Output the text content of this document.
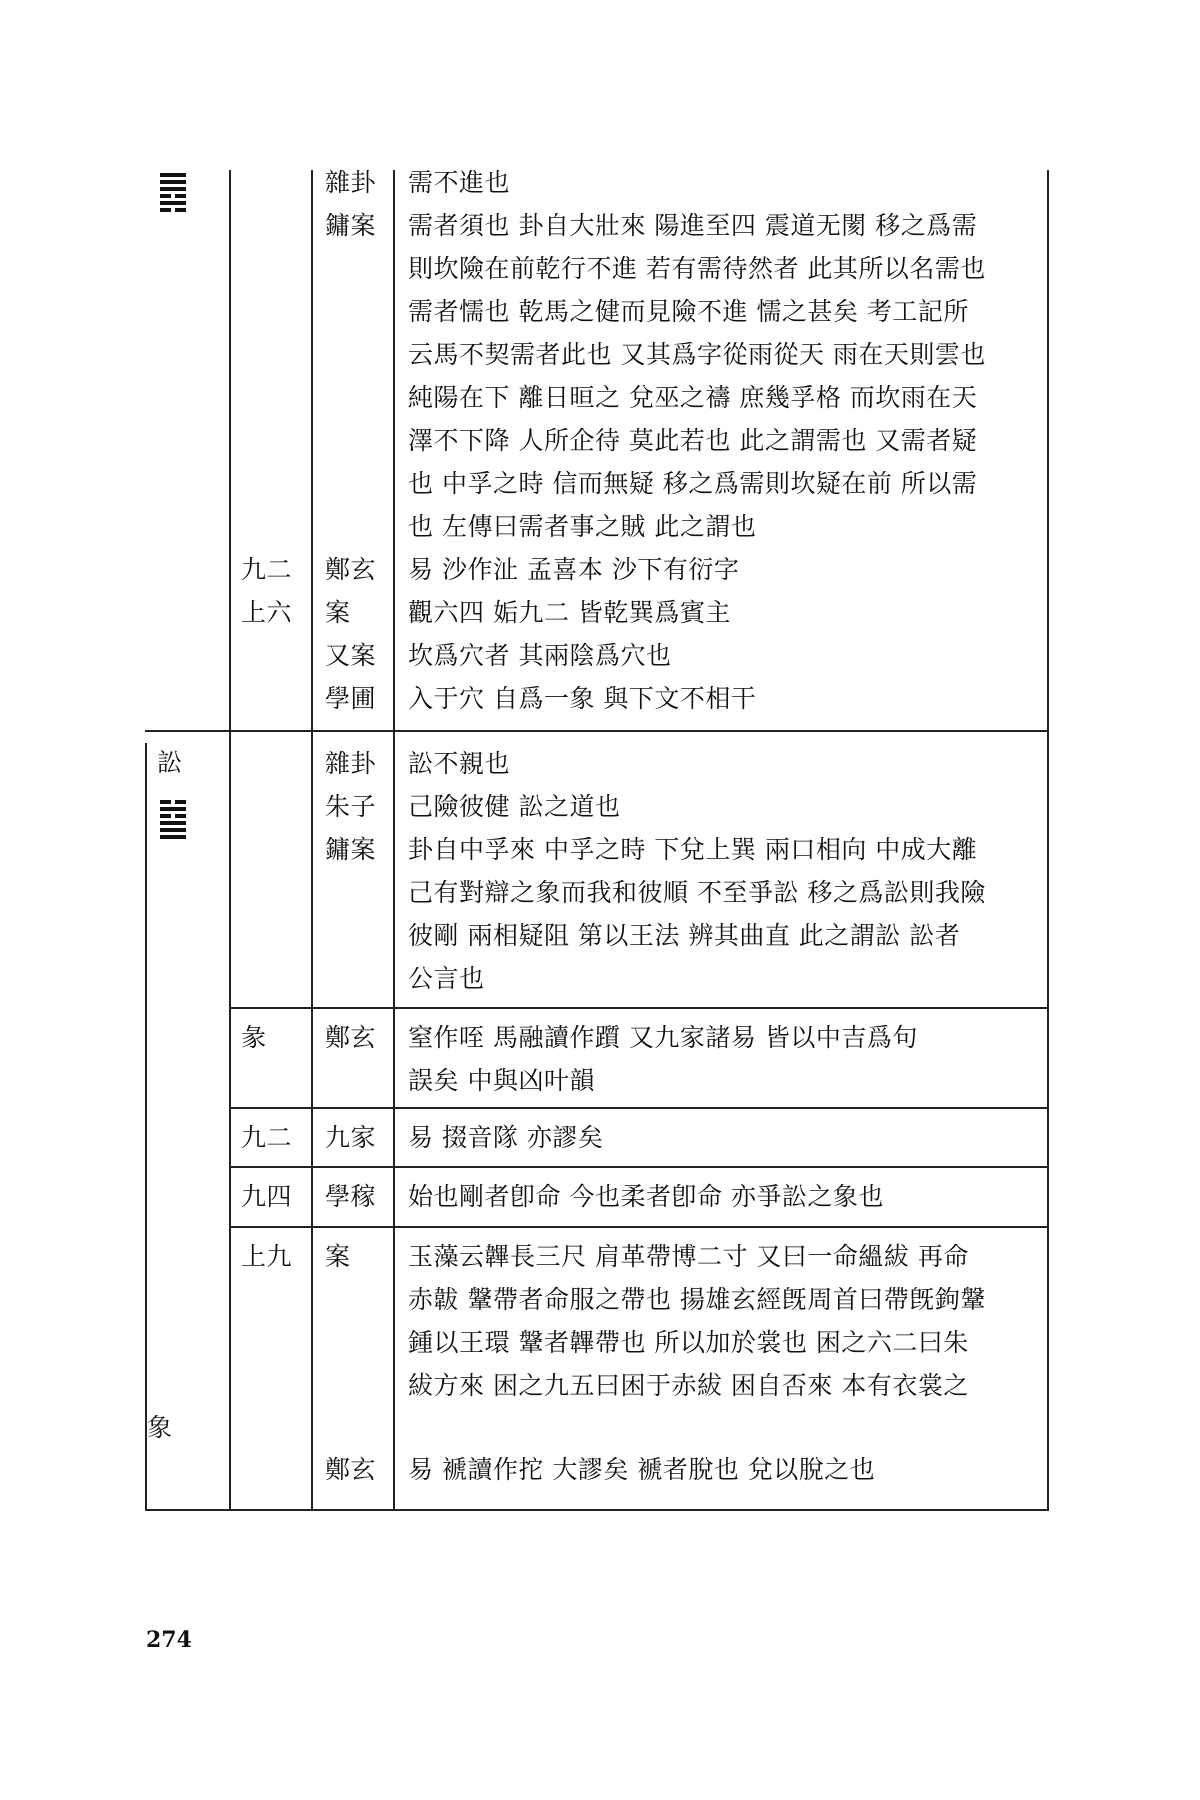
訟
象
雜卦 需不進也
鏞案 需者須也 卦自大壯來 陽進至四 震道无閡 移之爲需
則坎險在前乾行不進 若有需待然者 此其所以名需也
需者懦也 乾馬之健而見險不進 懦之甚矣 考工記所
云馬不契需者此也 又其爲字從雨從天 雨在天則雲也
純陽在下 離日晅之 兌巫之禱 庶幾孚格 而坎雨在天
澤不下降 人所企待 莫此若也 此之謂需也 又需者疑
也 中孚之時 信而無疑 移之爲需則坎疑在前 所以需
也 左傳曰需者事之賊 此之謂也
九二 鄭玄 易 沙作沚 孟喜本 沙下有衍字
上六 案 觀六四 姤九二 皆乾巽爲賓主
又案 坎爲穴者 其兩陰爲穴也
學圃 入于穴 自爲一象 與下文不相干
雜卦 訟不親也
朱子 己險彼健 訟之道也
鏞案 卦自中孚來 中孚之時 下兌上巽 兩口相向 中成大離
己有對辯之象而我和彼順 不至爭訟 移之爲訟則我險
彼剛 兩相疑阻 第以王法 辨其曲直 此之謂訟 訟者
公言也
彖 鄭玄 窒作咥 馬融讀作躓 又九家諸易 皆以中吉爲句
誤矣 中與凶叶韻
九二 九家 易 掇音隊 亦謬矣
九四 學稼 始也剛者卽命 今也柔者卽命 亦爭訟之象也
上九 案 玉藻云韠長三尺 肩革帶博二寸 又曰一命縕紱 再命
赤韍 鞶帶者命服之帶也 揚雄玄經旣周首曰帶旣鉤鞶
鍾以王環 鞶者韠帶也 所以加於裳也 困之六二曰朱
紱方來 困之九五曰困于赤紱 困自否來 本有衣裳之
鄭玄 易 褫讀作拕 大謬矣 褫者脫也 兌以脫之也
274
